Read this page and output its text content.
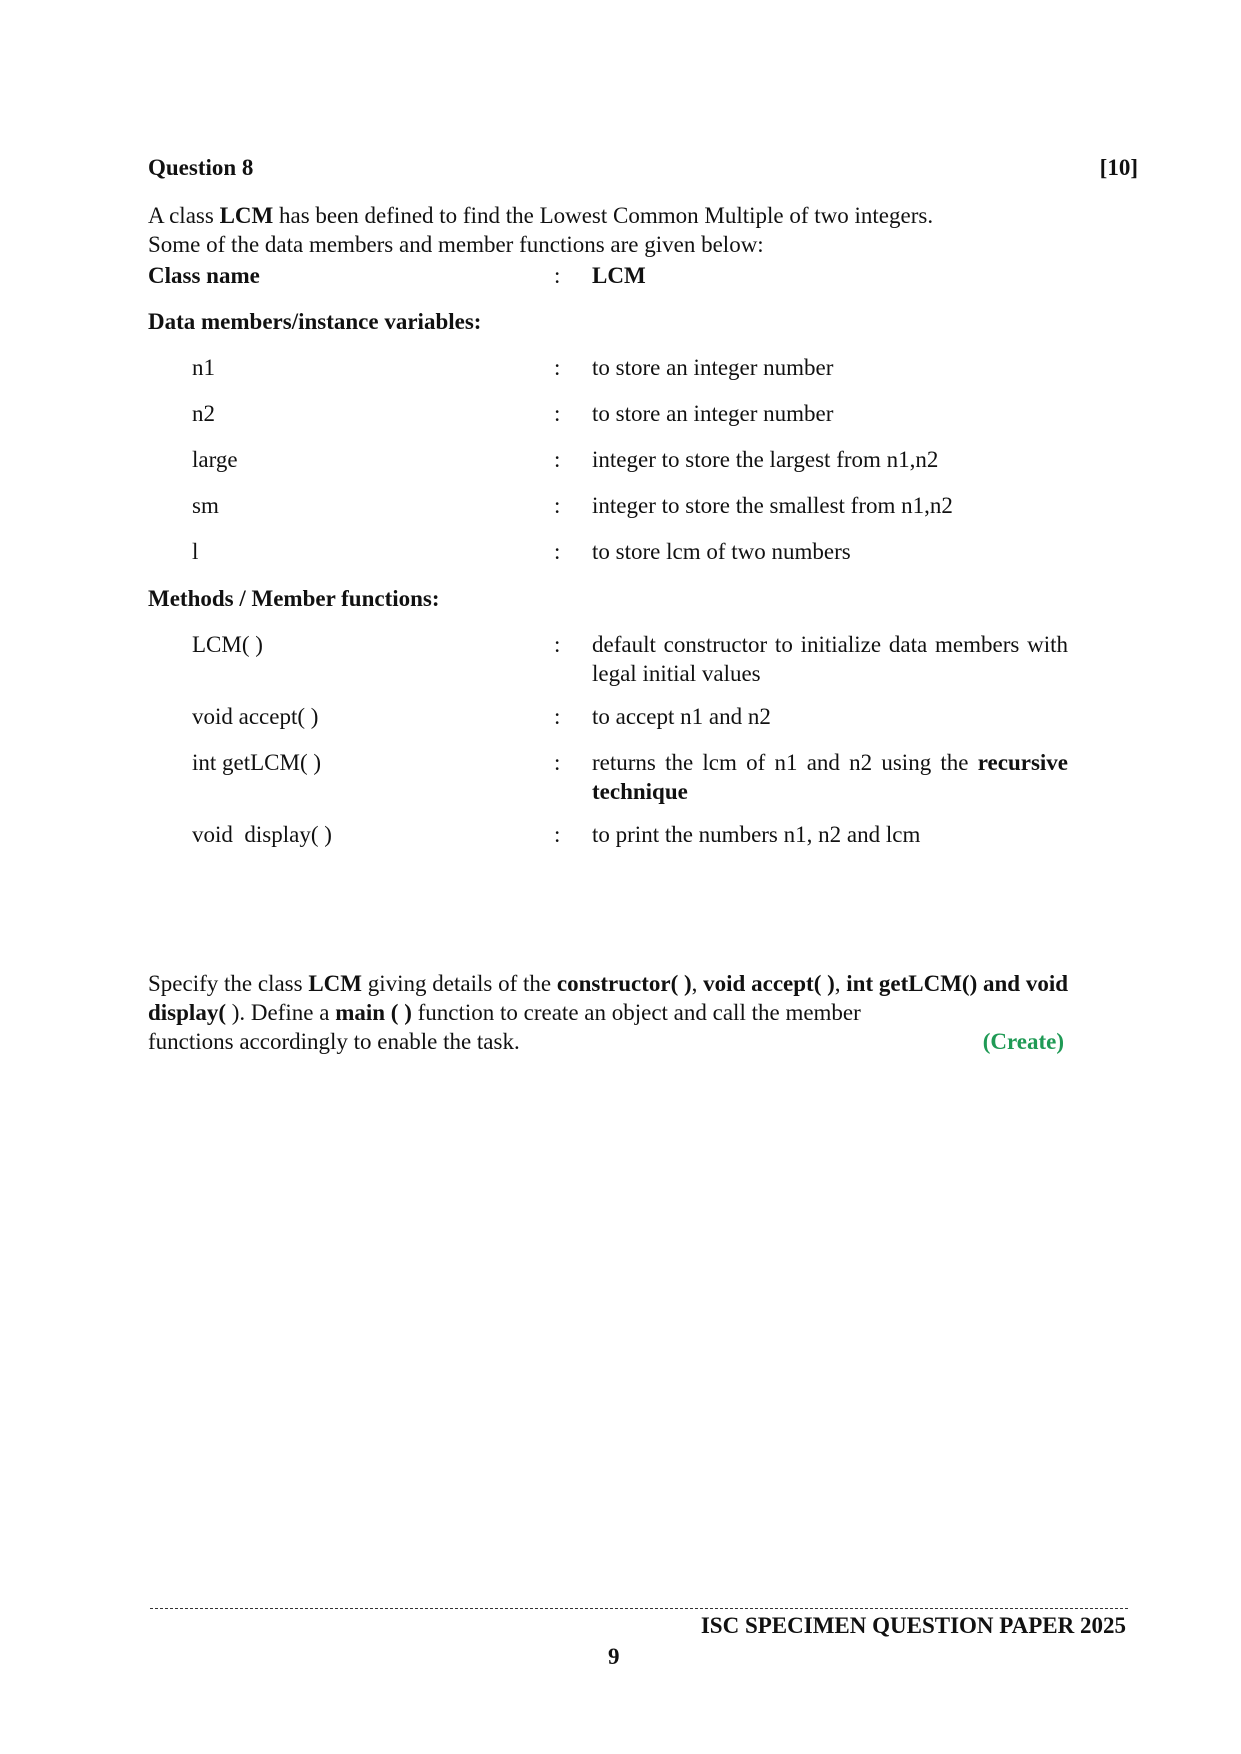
Question 8	[10]

A class LCM has been defined to find the Lowest Common Multiple of two integers.

Some of the data members and member functions are given below:

Class name	: LCM
Data members/instance variables:
n1	: to store an integer number
n2	: to store an integer number
large	: integer to store the largest from n1,n2
sm	: integer to store the smallest from n1,n2
l	: to store lcm of two numbers
Methods / Member functions:
LCM( )	: default constructor to initialize data members with legal initial values
void accept( )	: to accept n1 and n2
int getLCM( )	: returns the lcm of n1 and n2 using the recursive technique
void  display( )	: to print the numbers n1, n2 and lcm
Specify the class LCM giving details of the constructor( ), void accept( ), int getLCM() and void display( ). Define a main ( ) function to create an object and call the member
functions accordingly to enable the task.	(Create)
ISC SPECIMEN QUESTION PAPER 2025
9
